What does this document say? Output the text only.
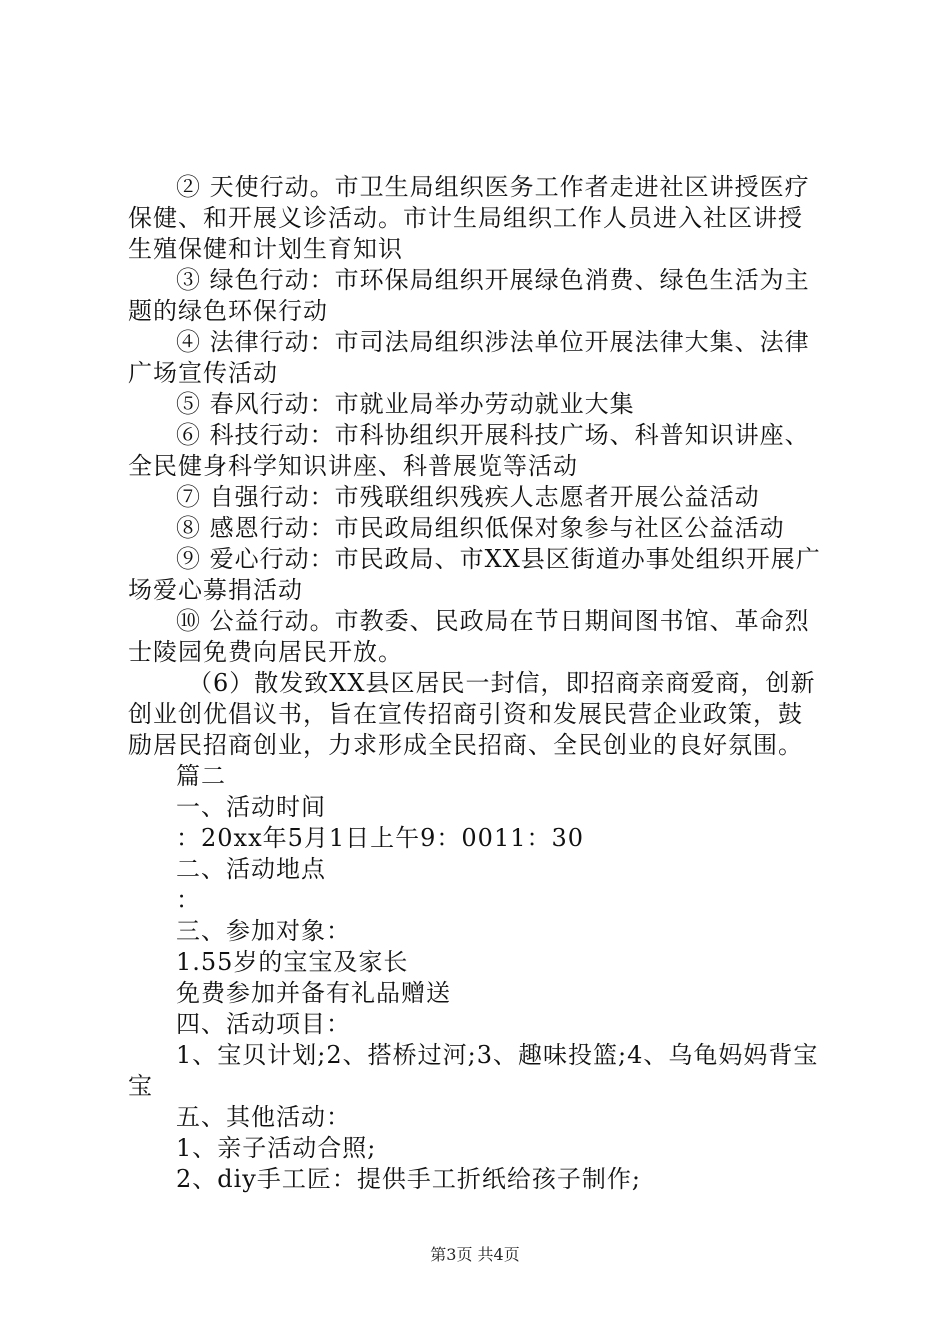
② 天使行动。市卫生局组织医务工作者走进社区讲授医疗
保健、和开展义诊活动。市计生局组织工作人员进入社区讲授
生殖保健和计划生育知识
③ 绿色行动：市环保局组织开展绿色消费、绿色生活为主
题的绿色环保行动
④ 法律行动：市司法局组织涉法单位开展法律大集、法律
广场宣传活动
⑤ 春风行动：市就业局举办劳动就业大集
⑥ 科技行动：市科协组织开展科技广场、科普知识讲座、
全民健身科学知识讲座、科普展览等活动
⑦ 自强行动：市残联组织残疾人志愿者开展公益活动
⑧ 感恩行动：市民政局组织低保对象参与社区公益活动
⑨ 爱心行动：市民政局、市XX县区街道办事处组织开展广
场爱心募捐活动
⑩ 公益行动。市教委、民政局在节日期间图书馆、革命烈
士陵园免费向居民开放。
（6）散发致XX县区居民一封信，即招商亲商爱商，创新
创业创优倡议书，旨在宣传招商引资和发展民营企业政策，鼓
励居民招商创业，力求形成全民招商、全民创业的良好氛围。
篇二
一、活动时间
：20xx年5月1日上午9：0011：30
二、活动地点
：
三、参加对象：
1.55岁的宝宝及家长
免费参加并备有礼品赠送
四、活动项目：
1、宝贝计划;2、搭桥过河;3、趣味投篮;4、乌龟妈妈背宝
宝
五、其他活动：
1、亲子活动合照;
2、diy手工匠：提供手工折纸给孩子制作;
第3页 共4页
